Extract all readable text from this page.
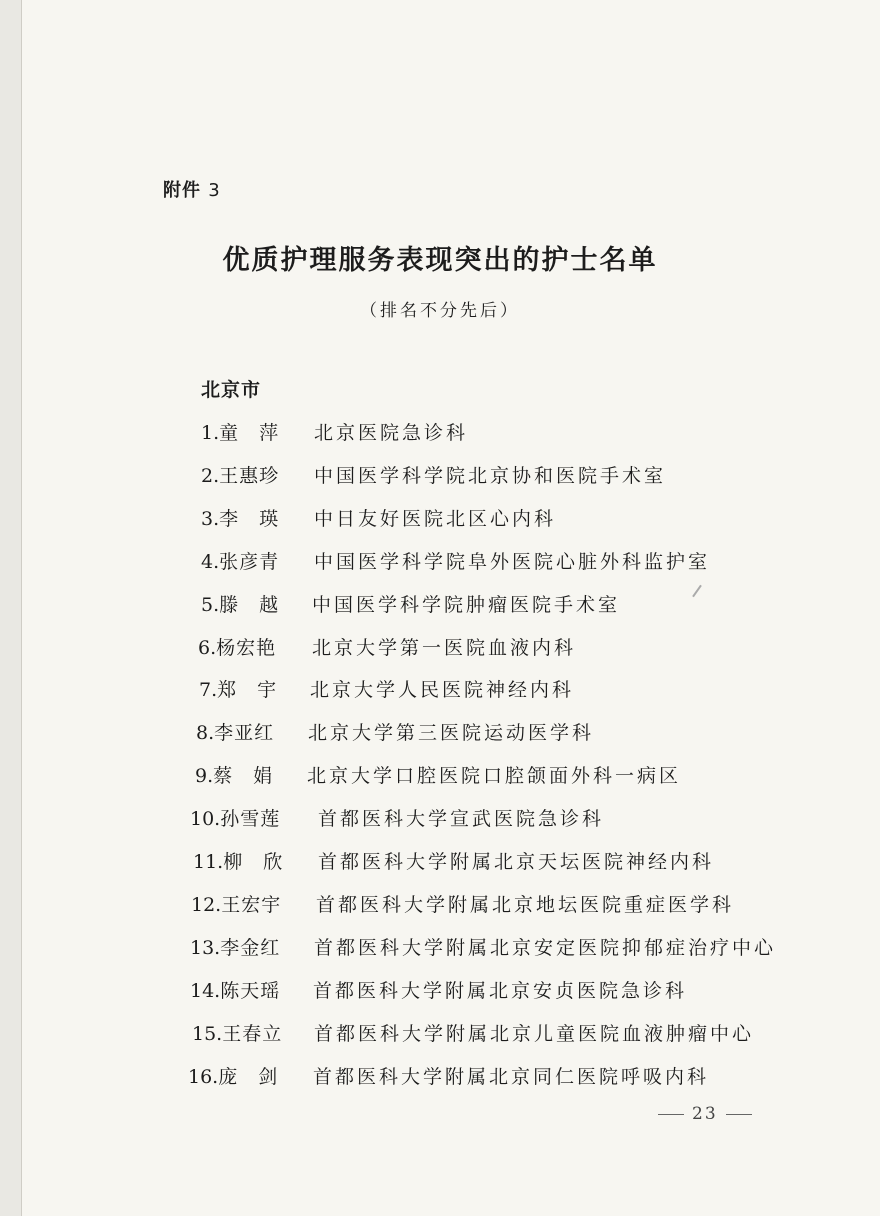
附件 3
优质护理服务表现突出的护士名单
（排名不分先后）
北京市
1.童　萍 北京医院急诊科
2.王惠珍 中国医学科学院北京协和医院手术室
3.李　瑛 中日友好医院北区心内科
4.张彦青 中国医学科学院阜外医院心脏外科监护室
5.滕　越 中国医学科学院肿瘤医院手术室
6.杨宏艳 北京大学第一医院血液内科
7.郑　宇 北京大学人民医院神经内科
8.李亚红 北京大学第三医院运动医学科
9.蔡　娟 北京大学口腔医院口腔颌面外科一病区
10.孙雪莲 首都医科大学宣武医院急诊科
11.柳　欣 首都医科大学附属北京天坛医院神经内科
12.王宏宇 首都医科大学附属北京地坛医院重症医学科
13.李金红 首都医科大学附属北京安定医院抑郁症治疗中心
14.陈天瑶 首都医科大学附属北京安贞医院急诊科
15.王春立 首都医科大学附属北京儿童医院血液肿瘤中心
16.庞　剑 首都医科大学附属北京同仁医院呼吸内科
23
